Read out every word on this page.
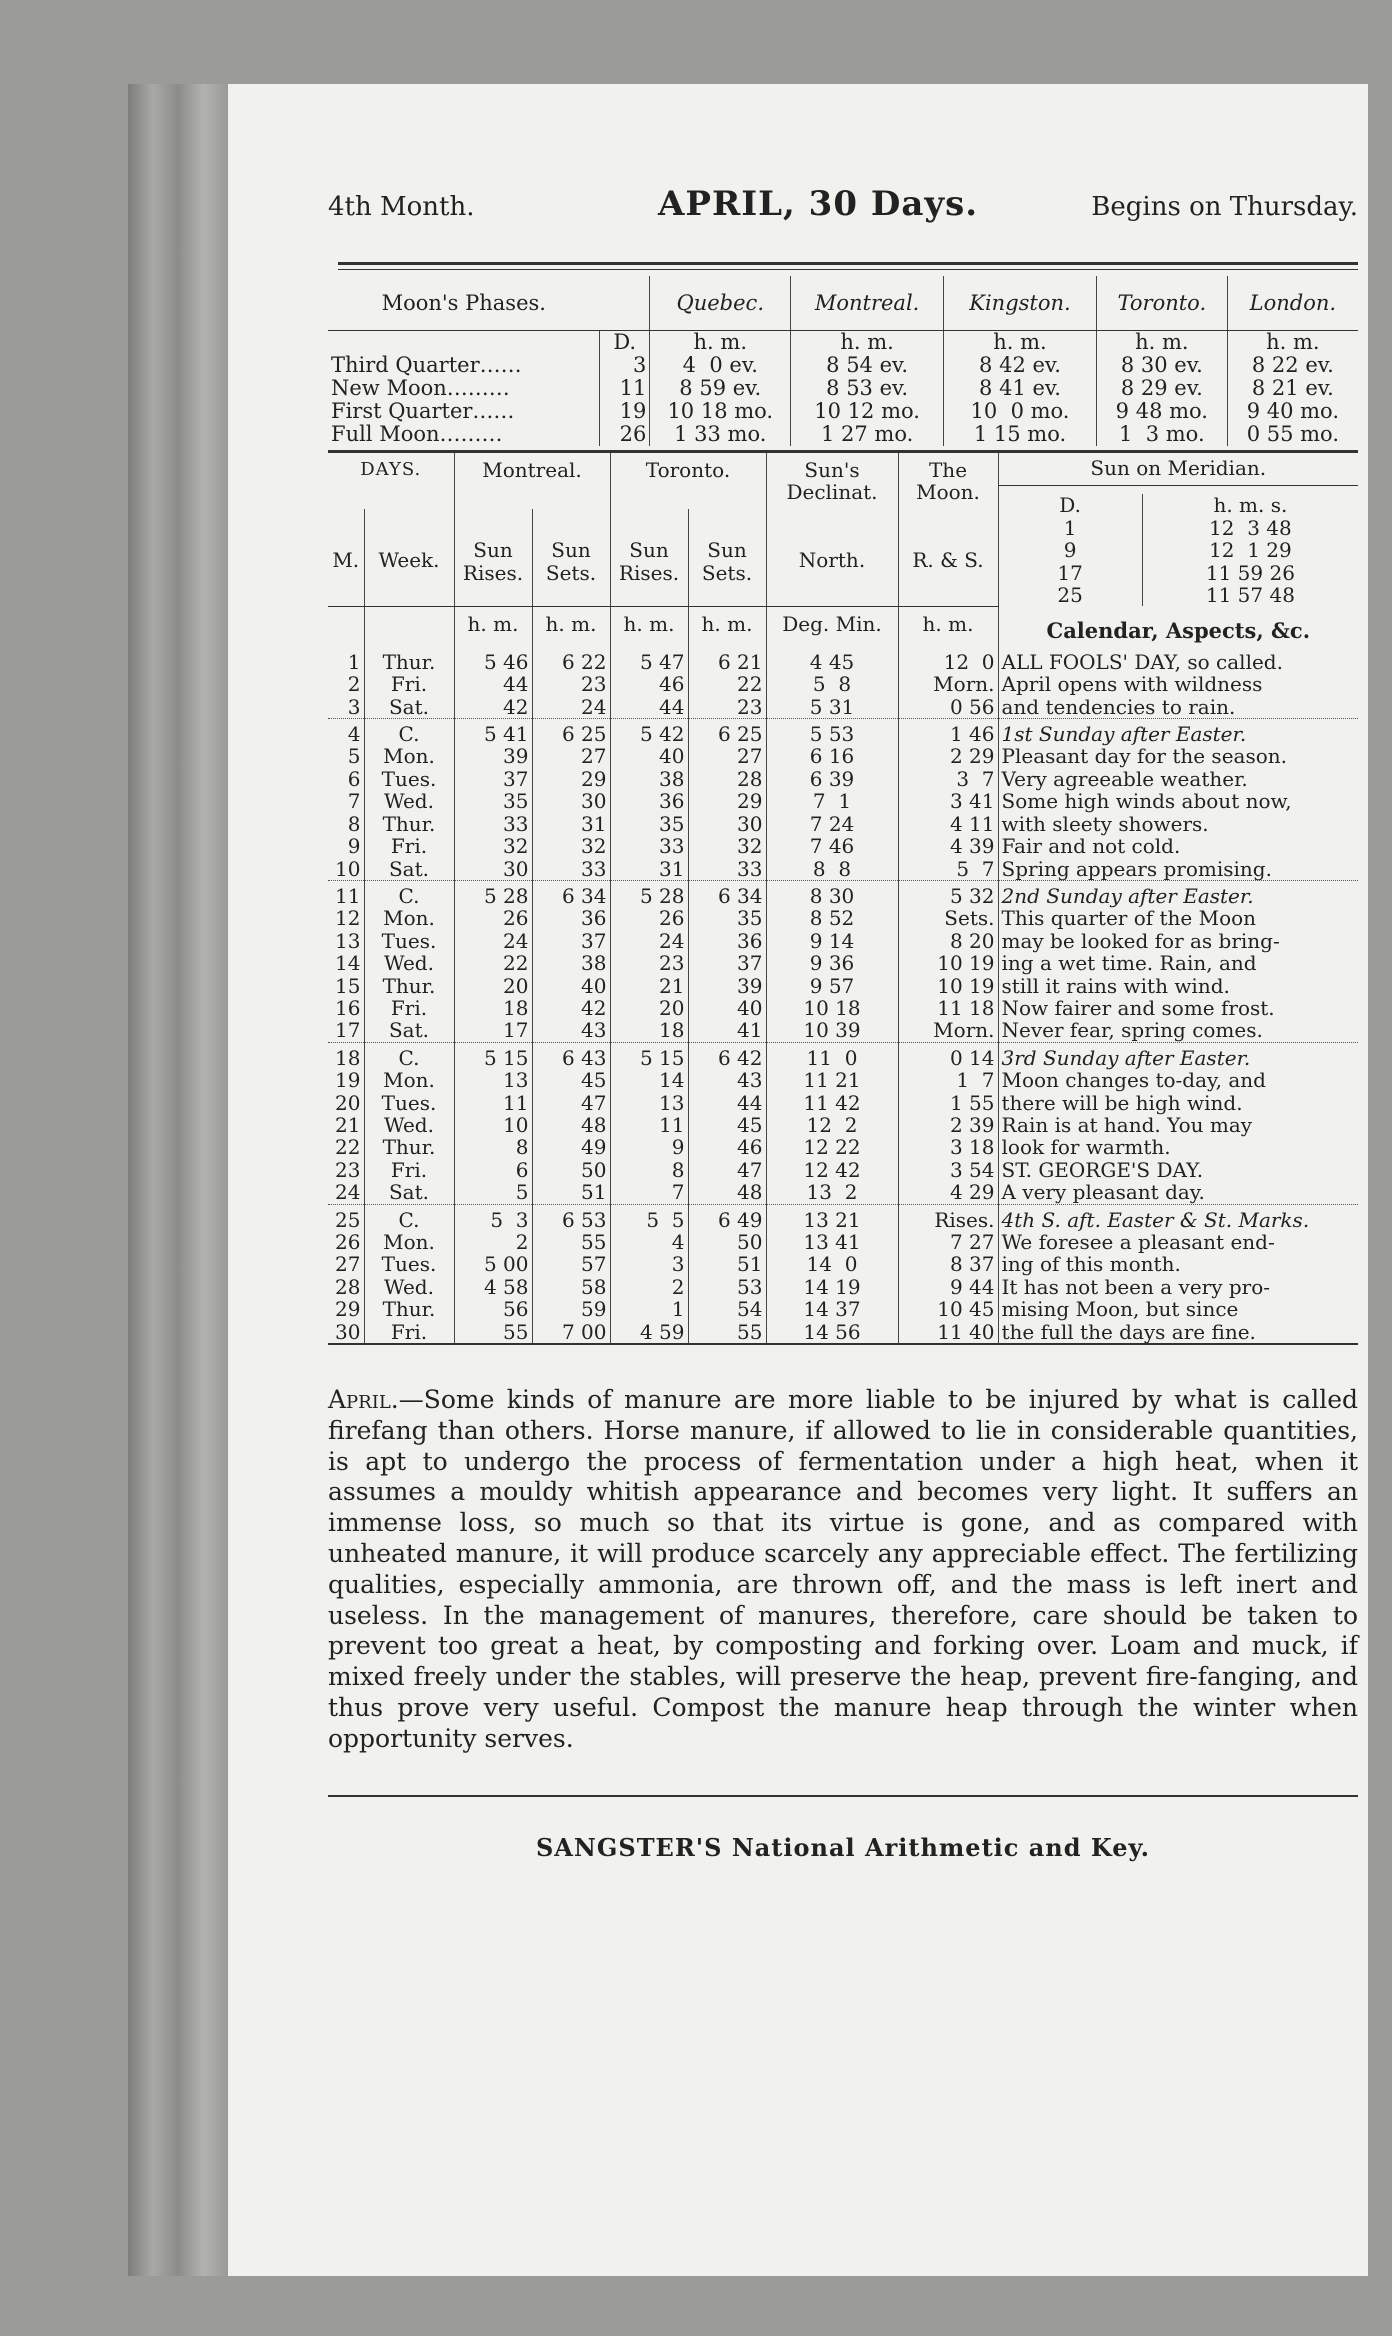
4th Month.	APRIL, 30 Days.	Begins on Thursday.
Moon's Phases.		Quebec.	Montreal.	Kingston.	Toronto.	London.
	D.	h. m.	h. m.	h. m.	h. m.	h. m.
Third Quarter……	3	4  0 ev.	8 54 ev.	8 42 ev.	8 30 ev.	8 22 ev.
New Moon………	11	8 59 ev.	8 53 ev.	8 41 ev.	8 29 ev.	8 21 ev.
First Quarter……	19	10 18 mo.	10 12 mo.	10  0 mo.	9 48 mo.	9 40 mo.
Full Moon………	26	1 33 mo.	1 27 mo.	1 15 mo.	1  3 mo.	0 55 mo.
DAYS.	Montreal.	Toronto.	Sun's Declinat.	The Moon.	
Sun on Meridian.
D.	h. m. s.
1	12  3 48
9	12  1 29
17	11 59 26
25	11 57 48

M.	Week.	Sun Rises.	Sun Sets.	Sun Rises.	Sun Sets.	North.	R. & S.

		h. m.	h. m.	h. m.	h. m.	Deg. Min.	h. m.	Calendar, Aspects, &c.
1	Thur.	5 46	6 22	5 47	6 21	4 45	12  0	ALL FOOLS' DAY, so called.
2	Fri.	44	23	46	22	5  8	Morn.	April opens with wildness
3	Sat.	42	24	44	23	5 31	0 56	and tendencies to rain.
4	C.	5 41	6 25	5 42	6 25	5 53	1 46	1st Sunday after Easter.
5	Mon.	39	27	40	27	6 16	2 29	Pleasant day for the season.
6	Tues.	37	29	38	28	6 39	3  7	Very agreeable weather.
7	Wed.	35	30	36	29	7  1	3 41	Some high winds about now,
8	Thur.	33	31	35	30	7 24	4 11	with sleety showers.
9	Fri.	32	32	33	32	7 46	4 39	Fair and not cold.
10	Sat.	30	33	31	33	8  8	5  7	Spring appears promising.
11	C.	5 28	6 34	5 28	6 34	8 30	5 32	2nd Sunday after Easter.
12	Mon.	26	36	26	35	8 52	Sets.	This quarter of the Moon
13	Tues.	24	37	24	36	9 14	8 20	may be looked for as bring-
14	Wed.	22	38	23	37	9 36	10 19	ing a wet time. Rain, and
15	Thur.	20	40	21	39	9 57	10 19	still it rains with wind.
16	Fri.	18	42	20	40	10 18	11 18	Now fairer and some frost.
17	Sat.	17	43	18	41	10 39	Morn.	Never fear, spring comes.
18	C.	5 15	6 43	5 15	6 42	11  0	0 14	3rd Sunday after Easter.
19	Mon.	13	45	14	43	11 21	1  7	Moon changes to-day, and
20	Tues.	11	47	13	44	11 42	1 55	there will be high wind.
21	Wed.	10	48	11	45	12  2	2 39	Rain is at hand. You may
22	Thur.	8	49	9	46	12 22	3 18	look for warmth.
23	Fri.	6	50	8	47	12 42	3 54	ST. GEORGE'S DAY.
24	Sat.	5	51	7	48	13  2	4 29	A very pleasant day.
25	C.	5  3	6 53	5  5	6 49	13 21	Rises.	4th S. aft. Easter & St. Marks.
26	Mon.	2	55	4	50	13 41	7 27	We foresee a pleasant end-
27	Tues.	5 00	57	3	51	14  0	8 37	ing of this month.
28	Wed.	4 58	58	2	53	14 19	9 44	It has not been a very pro-
29	Thur.	56	59	1	54	14 37	10 45	mising Moon, but since
30	Fri.	55	7 00	4 59	55	14 56	11 40	the full the days are fine.
April.—Some kinds of manure are more liable to be injured by what is called firefang than others. Horse manure, if allowed to lie in considerable quantities, is apt to undergo the process of fermentation under a high heat, when it assumes a mouldy whitish appearance and becomes very light. It suffers an immense loss, so much so that its virtue is gone, and as compared with unheated manure, it will produce scarcely any appreciable effect. The fertilizing qualities, especially ammonia, are thrown off, and the mass is left inert and useless. In the management of manures, therefore, care should be taken to prevent too great a heat, by composting and forking over. Loam and muck, if mixed freely under the stables, will preserve the heap, prevent fire-fanging, and thus prove very useful. Compost the manure heap through the winter when opportunity serves.
SANGSTER'S National Arithmetic and Key.
